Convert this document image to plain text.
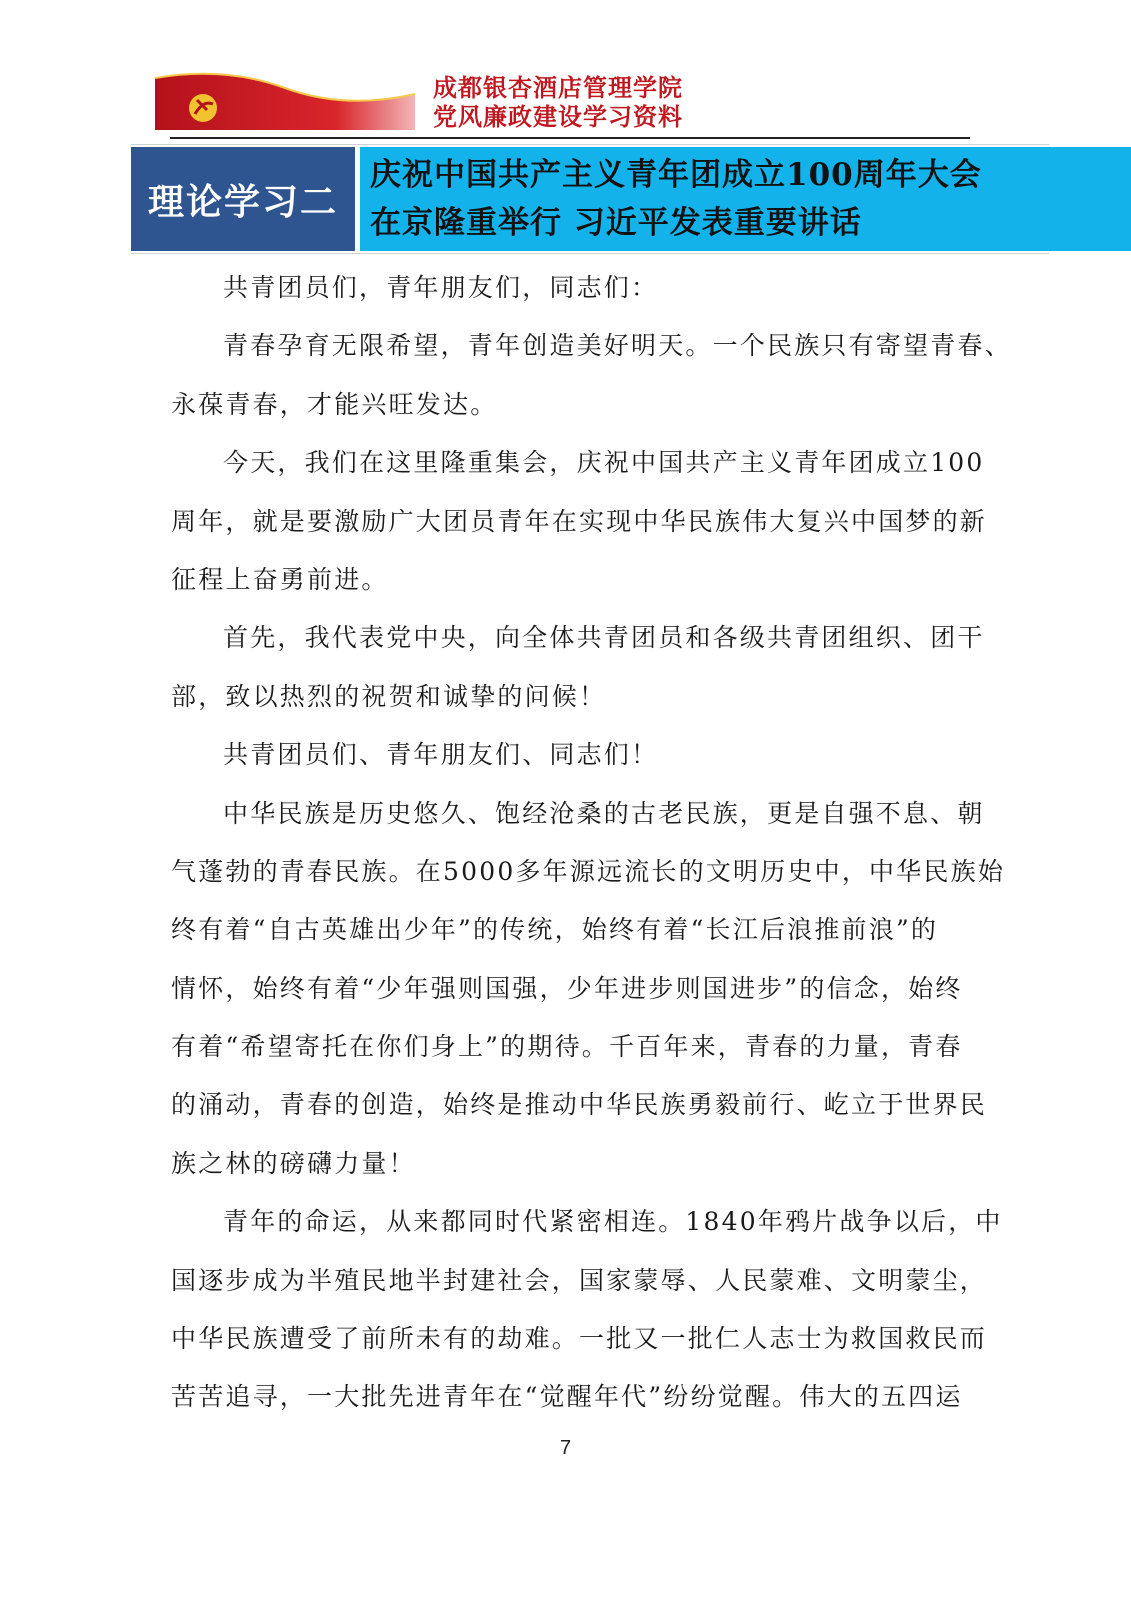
成都银杏酒店管理学院
党风廉政建设学习资料
理论学习二
庆祝中国共产主义青年团成立100周年大会
在京隆重举行 习近平发表重要讲话
共青团员们，青年朋友们，同志们：
青春孕育无限希望，青年创造美好明天。一个民族只有寄望青春、
永葆青春，才能兴旺发达。
今天，我们在这里隆重集会，庆祝中国共产主义青年团成立100
周年，就是要激励广大团员青年在实现中华民族伟大复兴中国梦的新
征程上奋勇前进。
首先，我代表党中央，向全体共青团员和各级共青团组织、团干
部，致以热烈的祝贺和诚挚的问候！
共青团员们、青年朋友们、同志们！
中华民族是历史悠久、饱经沧桑的古老民族，更是自强不息、朝
气蓬勃的青春民族。在5000多年源远流长的文明历史中，中华民族始
终有着“自古英雄出少年”的传统，始终有着“长江后浪推前浪”的
情怀，始终有着“少年强则国强，少年进步则国进步”的信念，始终
有着“希望寄托在你们身上”的期待。千百年来，青春的力量，青春
的涌动，青春的创造，始终是推动中华民族勇毅前行、屹立于世界民
族之林的磅礴力量！
青年的命运，从来都同时代紧密相连。1840年鸦片战争以后，中
国逐步成为半殖民地半封建社会，国家蒙辱、人民蒙难、文明蒙尘，
中华民族遭受了前所未有的劫难。一批又一批仁人志士为救国救民而
苦苦追寻，一大批先进青年在“觉醒年代”纷纷觉醒。伟大的五四运
7
